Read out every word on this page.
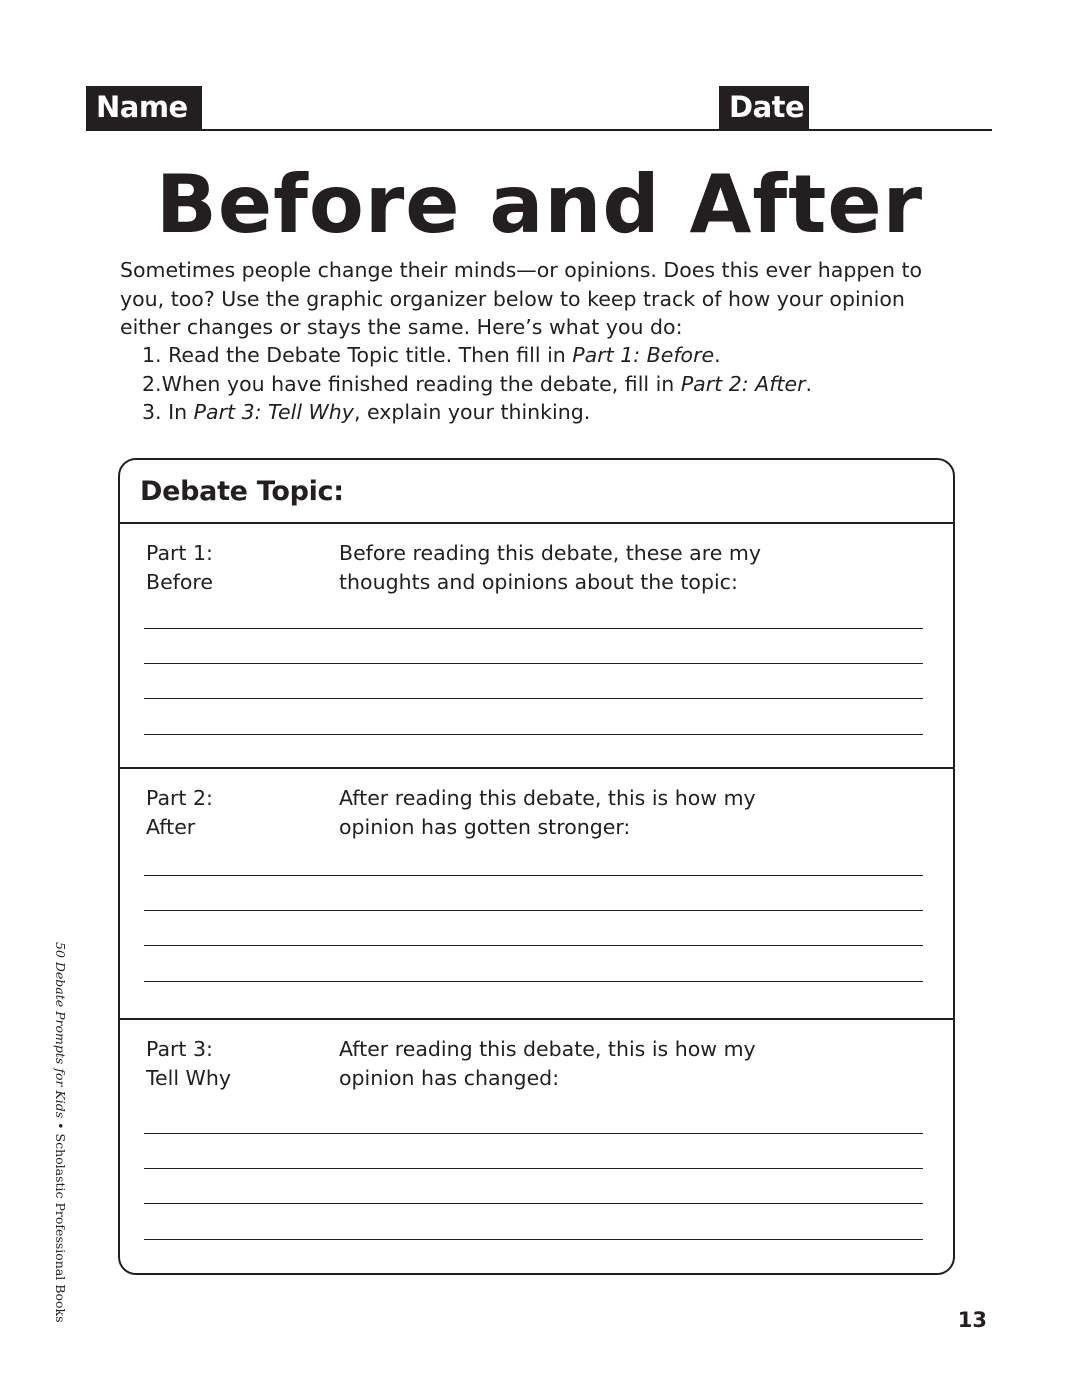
Name	Date
Before and After

Sometimes people change their minds—or opinions. Does this ever happen to you, too? Use the graphic organizer below to keep track of how your opinion either changes or stays the same. Here’s what you do:

1. Read the Debate Topic title. Then fill in Part 1: Before.
2.When you have finished reading the debate, fill in Part 2: After.
3. In Part 3: Tell Why, explain your thinking.
Debate Topic:
Part 1:
Before
Before reading this debate, these are my
thoughts and opinions about the topic:
Part 2:
After
After reading this debate, this is how my
opinion has gotten stronger:
Part 3:
Tell Why
After reading this debate, this is how my
opinion has changed:
50 Debate Prompts for Kids • Scholastic Professional Books	13
